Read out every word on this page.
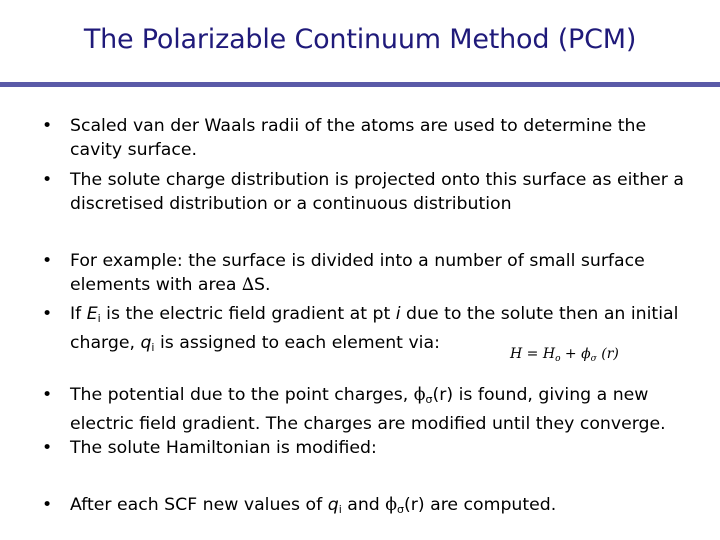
The Polarizable Continuum Method (PCM)
• Scaled van der Waals radii of the atoms are used to determine the cavity surface.
• The solute charge distribution is projected onto this surface as either a discretised distribution or a continuous distribution
• For example: the surface is divided into a number of small surface elements with area ∆S.
• If $E_i$ is the electric field gradient at pt i due to the solute then an initial charge, $q_i$ is assigned to each element via:
$H = H_o + \phi_\sigma$ (r)
• The potential due to the point charges, $\phi_\sigma(r)$ is found, giving a new electric field gradient. The charges are modified until they converge.
• The solute Hamiltonian is modified:
• After each SCF new values of $q_i$ and $\phi_\sigma(r)$ are computed.
